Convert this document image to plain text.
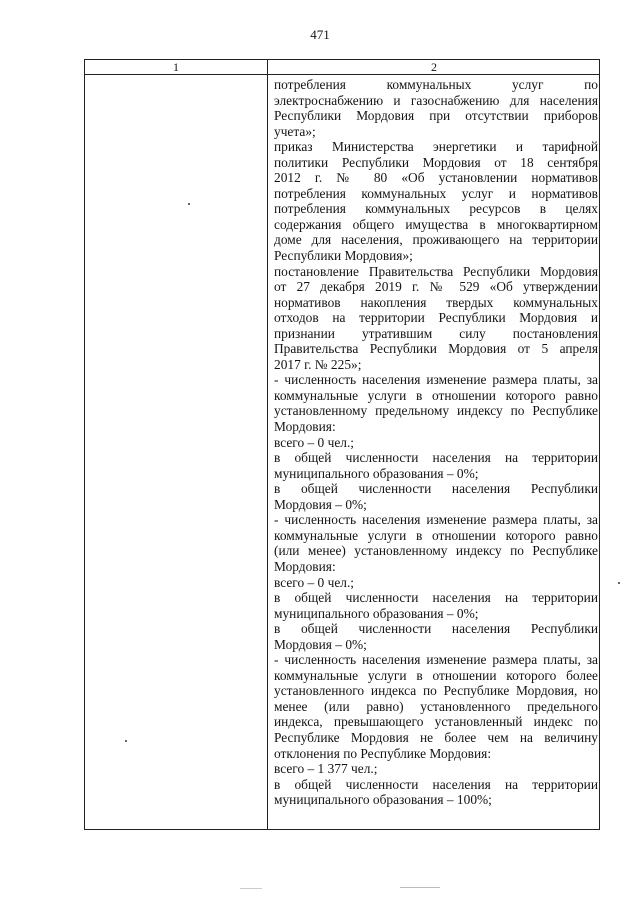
471
1	2
потребления коммунальных услуг по
электроснабжению и газоснабжению для населения
Республики Мордовия при отсутствии приборов
учета»;
приказ Министерства энергетики и тарифной
политики Республики Мордовия от 18 сентября
2012 г. № 80 «Об установлении нормативов
потребления коммунальных услуг и нормативов
потребления коммунальных ресурсов в целях
содержания общего имущества в многоквартирном
доме для населения, проживающего на территории
Республики Мордовия»;
постановление Правительства Республики Мордовия
от 27 декабря 2019 г. № 529 «Об утверждении
нормативов накопления твердых коммунальных
отходов на территории Республики Мордовия и
признании утратившим силу постановления
Правительства Республики Мордовия от 5 апреля
2017 г. № 225»;
- численность населения изменение размера платы, за
коммунальные услуги в отношении которого равно
установленному предельному индексу по Республике
Мордовия:
всего – 0 чел.;
в общей численности населения на территории
муниципального образования – 0%;
в общей численности населения Республики
Мордовия – 0%;
- численность населения изменение размера платы, за
коммунальные услуги в отношении которого равно
(или менее) установленному индексу по Республике
Мордовия:
всего – 0 чел.;
в общей численности населения на территории
муниципального образования – 0%;
в общей численности населения Республики
Мордовия – 0%;
- численность населения изменение размера платы, за
коммунальные услуги в отношении которого более
установленного индекса по Республике Мордовия, но
менее (или равно) установленного предельного
индекса, превышающего установленный индекс по
Республике Мордовия не более чем на величину
отклонения по Республике Мордовия:
всего – 1 377 чел.;
в общей численности населения на территории
муниципального образования – 100%;
